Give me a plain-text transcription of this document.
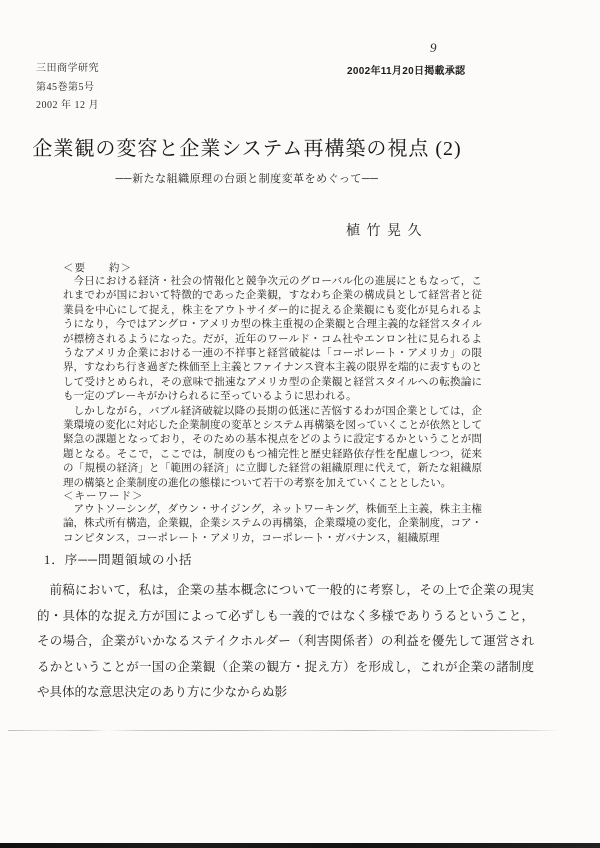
9
三田商学研究
第45巻第5号
2002 年 12 月
2002年11月20日掲載承認
企業観の変容と企業システム再構築の視点 (2)
──新たな組織原理の台頭と制度変革をめぐって──
植 竹 晃 久
＜要　　約＞

今日における経済・社会の情報化と競争次元のグローバル化の進展にともなって，これまでわが国において特徴的であった企業観，すなわち企業の構成員として経営者と従業員を中心にして捉え，株主をアウトサイダー的に捉える企業観にも変化が見られるようになり，今ではアングロ・アメリカ型の株主重視の企業観と合理主義的な経営スタイルが標榜されるようになった。だが，近年のワールド・コム社やエンロン社に見られるようなアメリカ企業における一連の不祥事と経営破綻は「コーポレート・アメリカ」の限界，すなわち行き過ぎた株価至上主義とファイナンス資本主義の限界を端的に表すものとして受けとめられ，その意味で拙速なアメリカ型の企業観と経営スタイルへの転換論にも一定のブレーキがかけられるに至っているように思われる。

しかしながら，バブル経済破綻以降の長期の低迷に苦悩するわが国企業としては，企業環境の変化に対応した企業制度の変革とシステム再構築を図っていくことが依然として緊急の課題となっており，そのための基本視点をどのように設定するかということが問題となる。そこで，ここでは，制度のもつ補完性と歴史経路依存性を配慮しつつ，従来の「規模の経済」と「範囲の経済」に立脚した経営の組織原理に代えて，新たな組織原理の構築と企業制度の進化の態様について若干の考察を加えていくこととしたい。

＜キーワード＞
アウトソーシング，ダウン・サイジング，ネットワーキング，株価至上主義，株主主権論，株式所有構造，企業観，企業システムの再構築，企業環境の変化，企業制度，コア・コンピタンス，コーポレート・アメリカ，コーポレート・ガバナンス，組織原理
1．序──問題領域の小括
前稿において，私は，企業の基本概念について一般的に考察し，その上で企業の現実的・具体的な捉え方が国によって必ずしも一義的ではなく多様でありうるということ，その場合，企業がいかなるステイクホルダー（利害関係者）の利益を優先して運営されるかということが一国の企業観（企業の観方・捉え方）を形成し，これが企業の諸制度や具体的な意思決定のあり方に少なからぬ影
